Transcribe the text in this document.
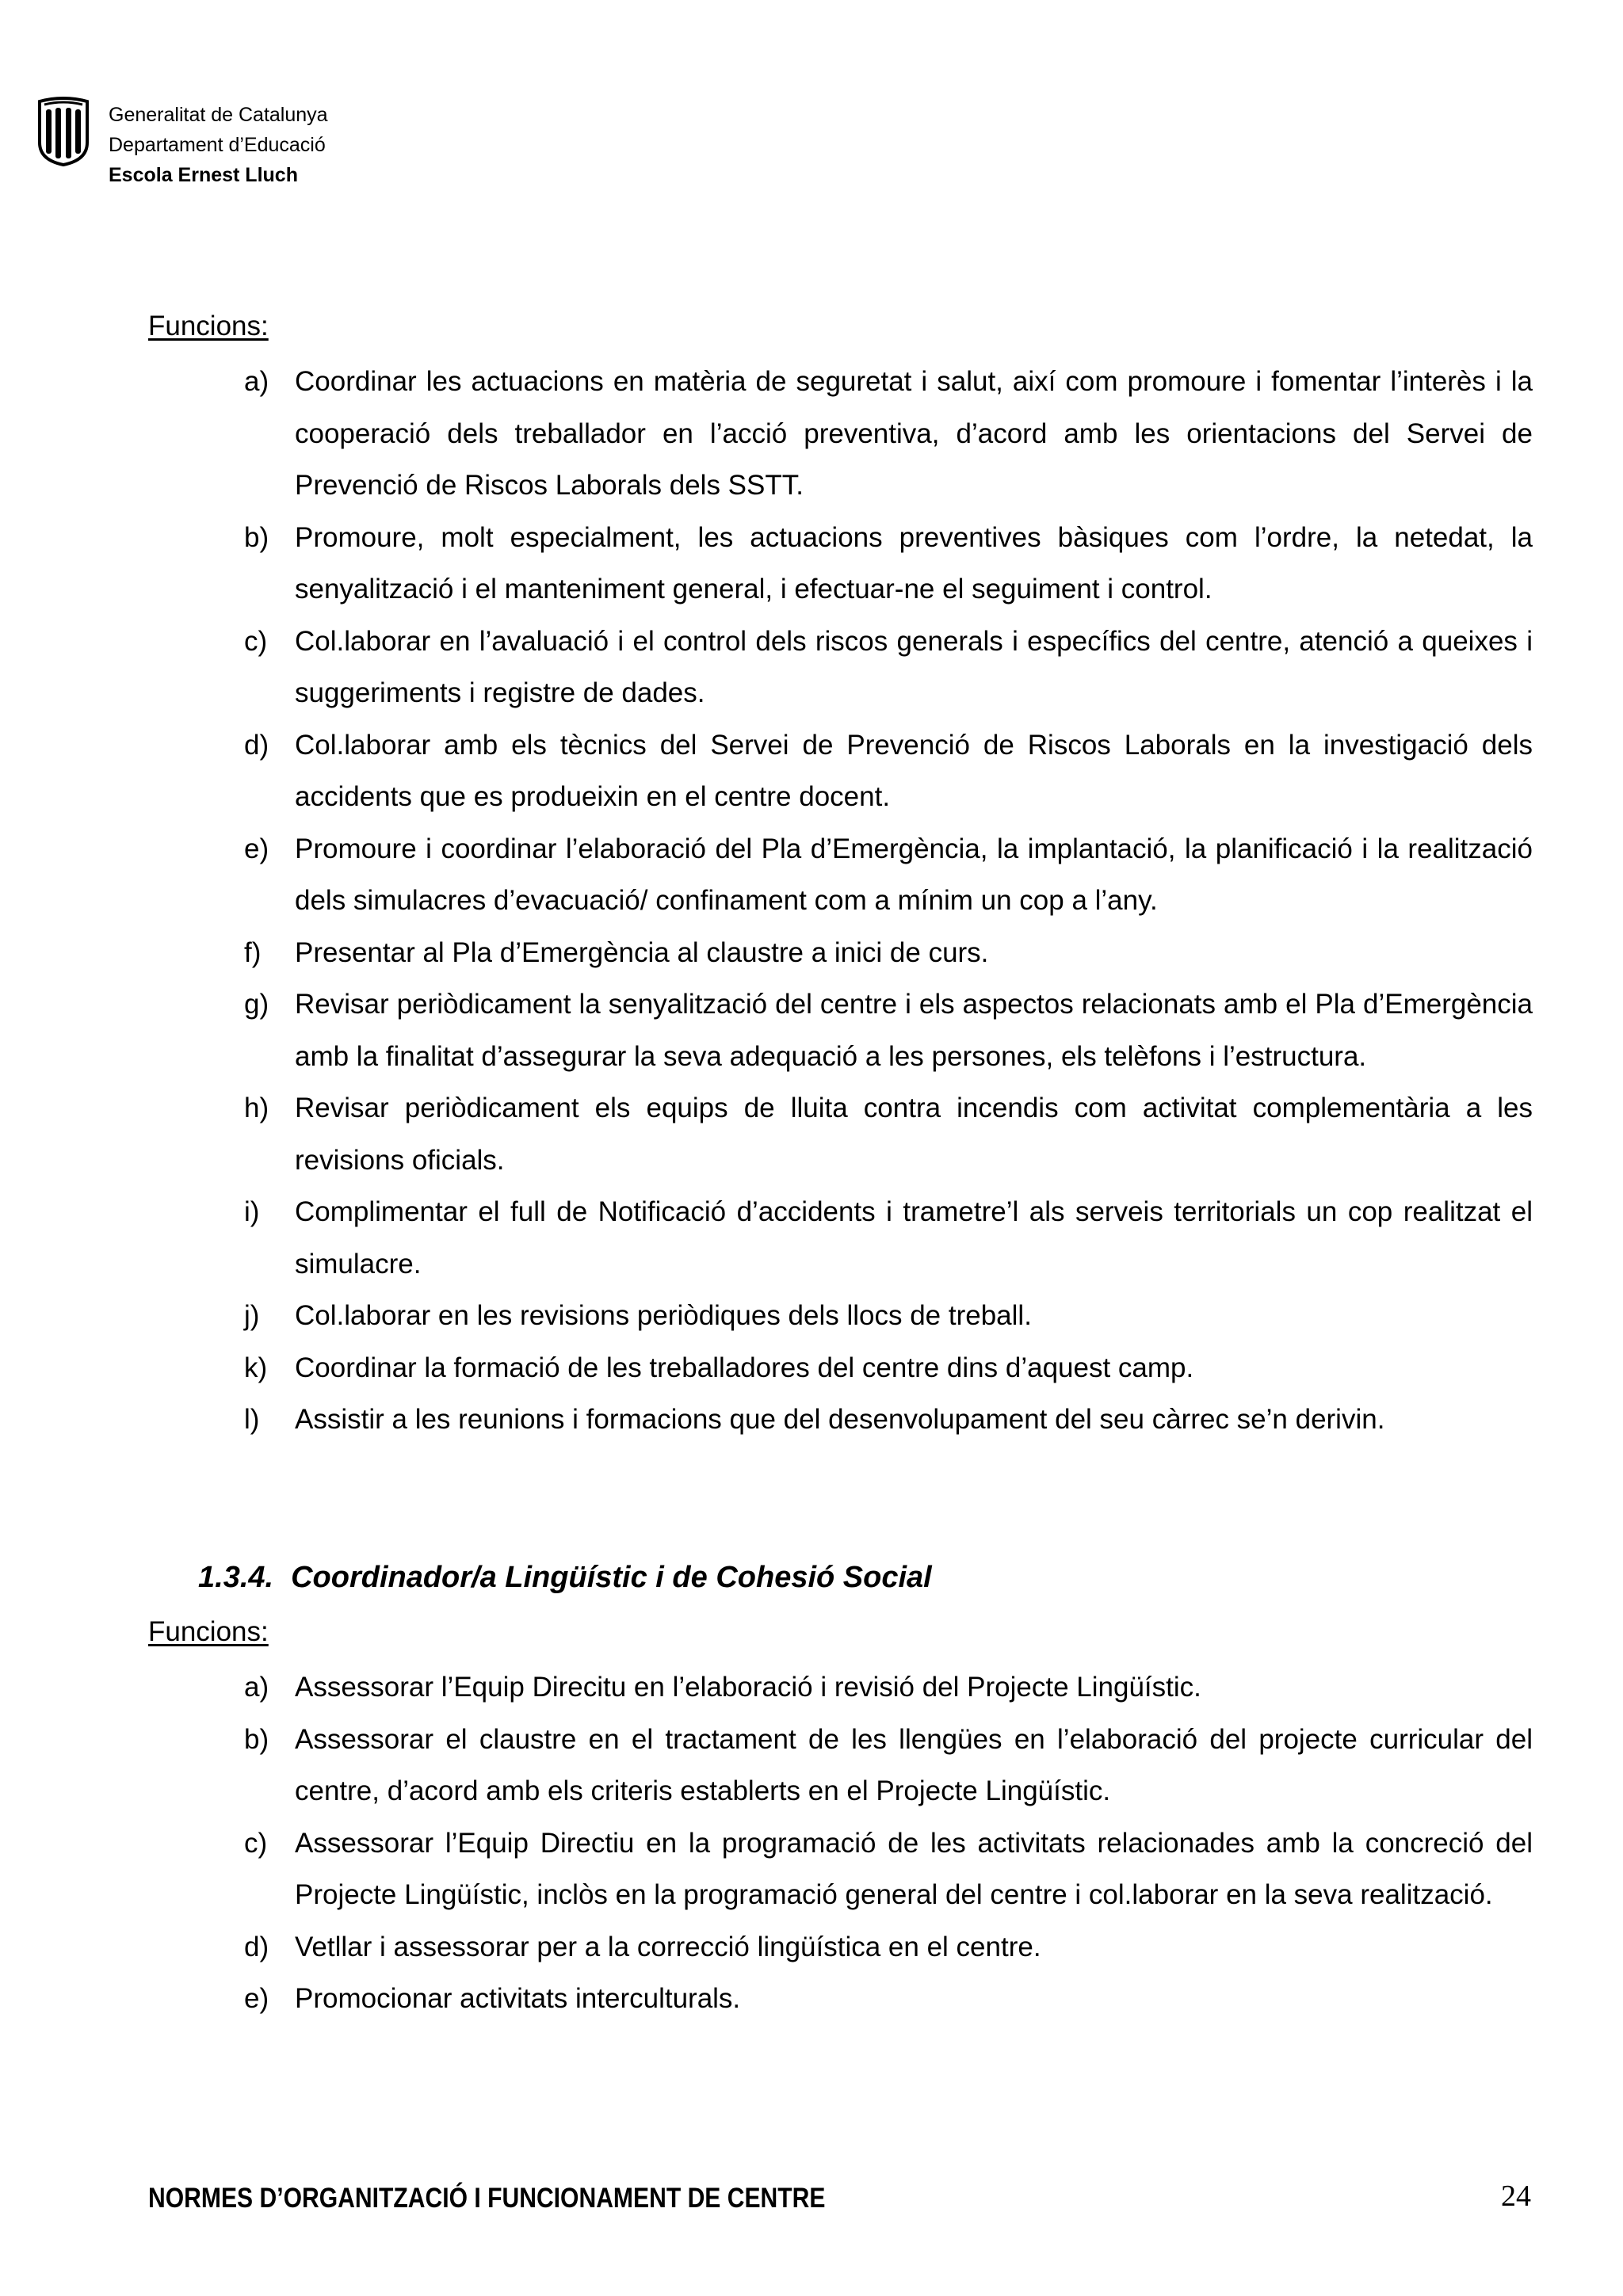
Generalitat de Catalunya
Departament d’Educació
Escola Ernest Lluch
Funcions:
a) Coordinar les actuacions en matèria de seguretat i salut, així com promoure i fomentar l’interès i la cooperació dels treballador en l’acció preventiva, d’acord amb les orientacions del Servei de Prevenció de Riscos Laborals dels SSTT.
b) Promoure, molt especialment, les actuacions preventives bàsiques com l’ordre, la netedat, la senyalització i el manteniment general, i efectuar-ne el seguiment i control.
c) Col.laborar en l’avaluació i el control dels riscos generals i específics del centre, atenció a queixes i suggeriments i registre de dades.
d) Col.laborar amb els tècnics del Servei de Prevenció de Riscos Laborals en la investigació dels accidents que es produeixin en el centre docent.
e) Promoure i coordinar l’elaboració del Pla d’Emergència, la implantació, la planificació i la realització dels simulacres d’evacuació/ confinament com a mínim un cop a l’any.
f) Presentar al Pla d’Emergència al claustre a inici de curs.
g) Revisar periòdicament la senyalització del centre i els aspectos relacionats amb el Pla d’Emergència amb la finalitat d’assegurar la seva adequació a les persones, els telèfons i l’estructura.
h) Revisar periòdicament els equips de lluita contra incendis com activitat complementària a les revisions oficials.
i) Complimentar el full de Notificació d’accidents i trametre’l als serveis territorials un cop realitzat el simulacre.
j) Col.laborar en les revisions periòdiques dels llocs de treball.
k) Coordinar la formació de les treballadores del centre dins d’aquest camp.
l) Assistir a les reunions i formacions que del desenvolupament del seu càrrec se’n derivin.
1.3.4. Coordinador/a Lingüístic i de Cohesió Social
Funcions:
a) Assessorar l’Equip Direcitu en l’elaboració i revisió del Projecte Lingüístic.
b) Assessorar el claustre en el tractament de les llengües en l’elaboració del projecte curricular del centre, d’acord amb els criteris establerts en el Projecte Lingüístic.
c) Assessorar l’Equip Directiu en la programació de les activitats relacionades amb la concreció del Projecte Lingüístic, inclòs en la programació general del centre i col.laborar en la seva realització.
d) Vetllar i assessorar per a la correcció lingüística en el centre.
e) Promocionar activitats interculturals.
NORMES D’ORGANITZACIÓ I FUNCIONAMENT DE CENTRE	24
